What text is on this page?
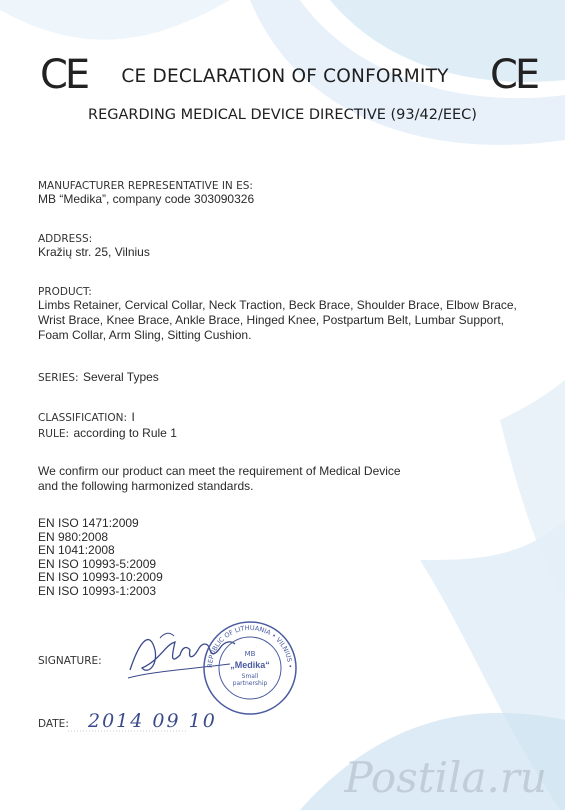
CE	CE
CE DECLARATION OF CONFORMITY
REGARDING MEDICAL DEVICE DIRECTIVE (93/42/EEC)
MANUFACTURER REPRESENTATIVE IN ES:
MB “Medika”, company code 303090326
ADDRESS:
Kražių str. 25, Vilnius
PRODUCT:
Limbs Retainer, Cervical Collar, Neck Traction, Beck Brace, Shoulder Brace, Elbow Brace,
Wrist Brace, Knee Brace, Ankle Brace, Hinged Knee, Postpartum Belt, Lumbar Support,
Foam Collar, Arm Sling, Sitting Cushion.
SERIES: Several Types
CLASSIFICATION: I
RULE: according to Rule 1
We confirm our product can meet the requirement of Medical Device
and the following harmonized standards.
EN ISO 1471:2009
EN 980:2008
EN 1041:2008
EN ISO 10993-5:2009
EN ISO 10993-10:2009
EN ISO 10993-1:2003
SIGNATURE:	REPUBLIC OF LITHUANIA • VILNIUS •
MB
„Medika“
Small
partnership
DATE: 2014 09 10
Postila.ru
